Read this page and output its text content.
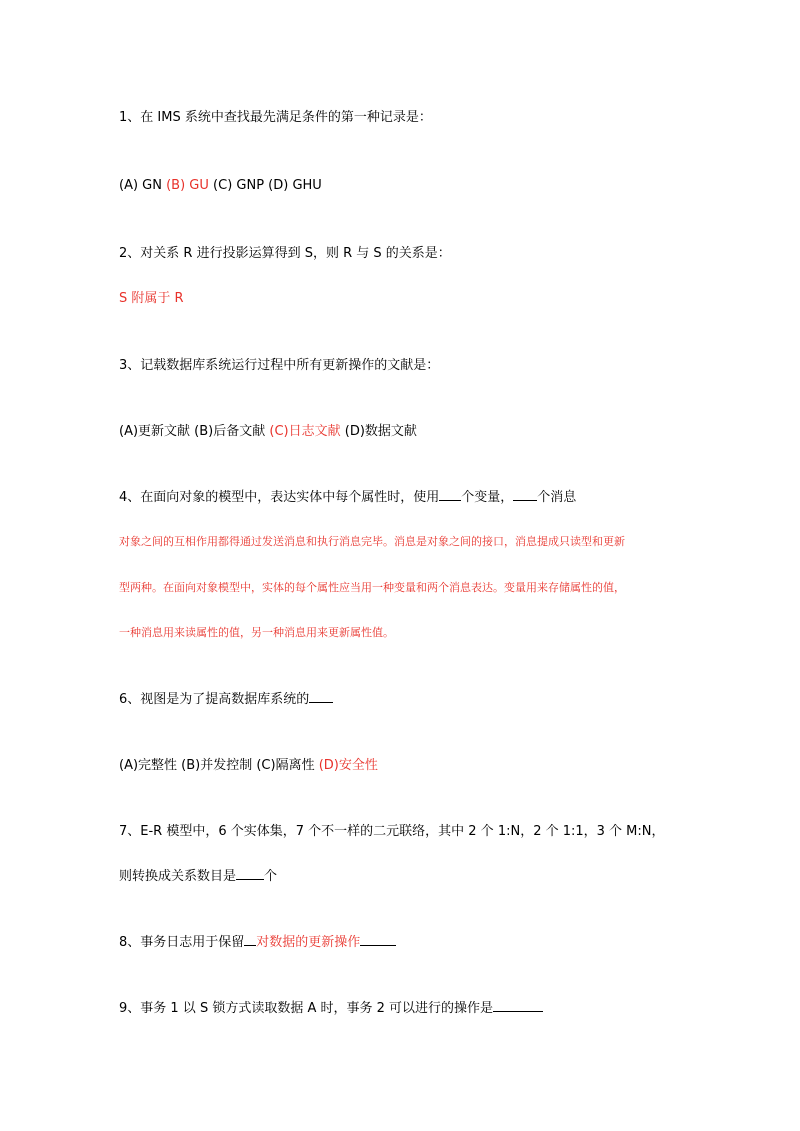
1、在 IMS 系统中查找最先满足条件的第一种记录是：
(A) GN (B) GU (C) GNP (D) GHU
2、对关系 R 进行投影运算得到 S，则 R 与 S 的关系是：
S 附属于 R
3、记载数据库系统运行过程中所有更新操作的文献是：
(A)更新文献 (B)后备文献 (C)日志文献 (D)数据文献
4、在面向对象的模型中，表达实体中每个属性时，使用 个变量， 个消息
对象之间的互相作用都得通过发送消息和执行消息完毕。消息是对象之间的接口，消息提成只读型和更新
型两种。在面向对象模型中，实体的每个属性应当用一种变量和两个消息表达。变量用来存储属性的值，
一种消息用来读属性的值，另一种消息用来更新属性值。
6、视图是为了提高数据库系统的
(A)完整性 (B)并发控制 (C)隔离性 (D)安全性
7、E-R 模型中，6 个实体集，7 个不一样的二元联络，其中 2 个 1:N，2 个 1:1，3 个 M:N，
则转换成关系数目是 个
8、事务日志用于保留 对数据的更新操作
9、事务 1 以 S 锁方式读取数据 A 时，事务 2 可以进行的操作是
